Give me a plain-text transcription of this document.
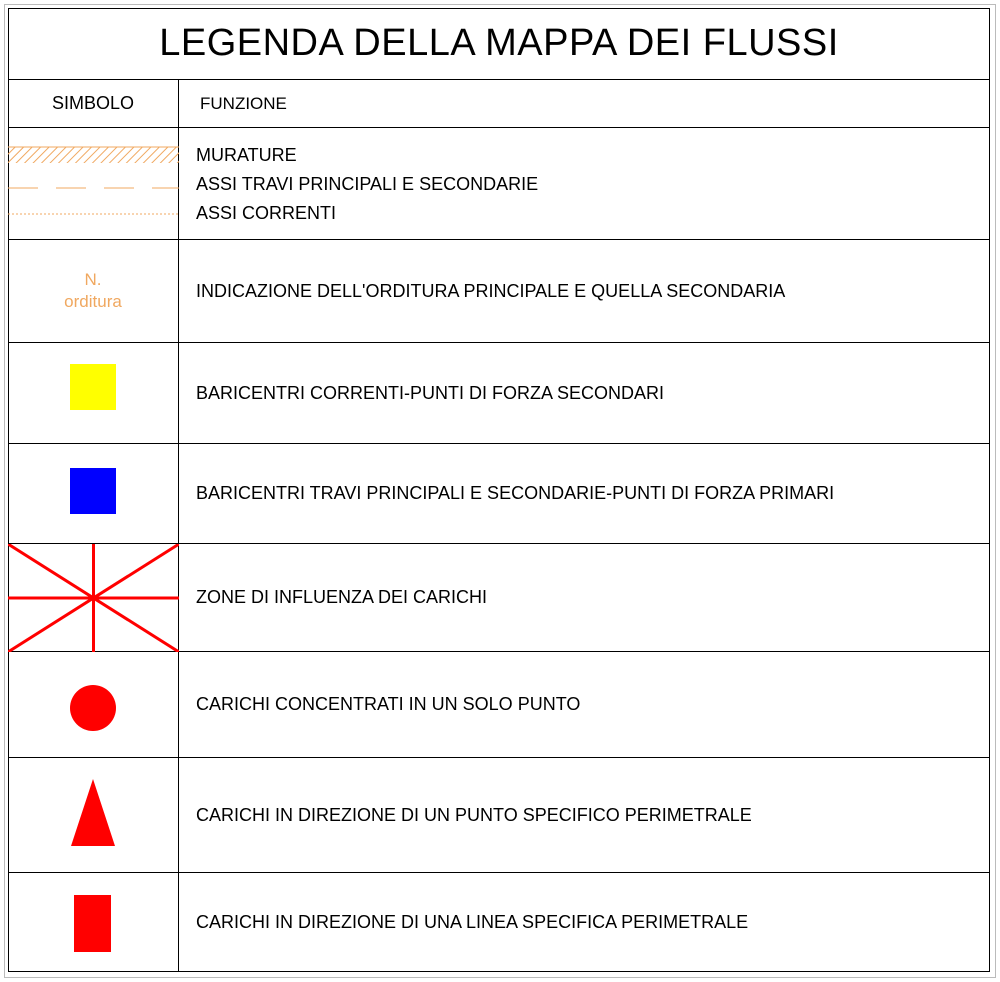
LEGENDA DELLA MAPPA DEI FLUSSI
SIMBOLO	FUNZIONE
MURATURE
ASSI TRAVI PRINCIPALI E SECONDARIE
ASSI CORRENTI
N.
orditura
INDICAZIONE DELL'ORDITURA PRINCIPALE E QUELLA SECONDARIA
BARICENTRI CORRENTI-PUNTI DI FORZA SECONDARI
BARICENTRI TRAVI PRINCIPALI E SECONDARIE-PUNTI DI FORZA PRIMARI
ZONE DI INFLUENZA DEI CARICHI
CARICHI CONCENTRATI IN UN SOLO PUNTO
CARICHI IN DIREZIONE DI UN PUNTO SPECIFICO PERIMETRALE
CARICHI IN DIREZIONE DI UNA LINEA SPECIFICA PERIMETRALE
